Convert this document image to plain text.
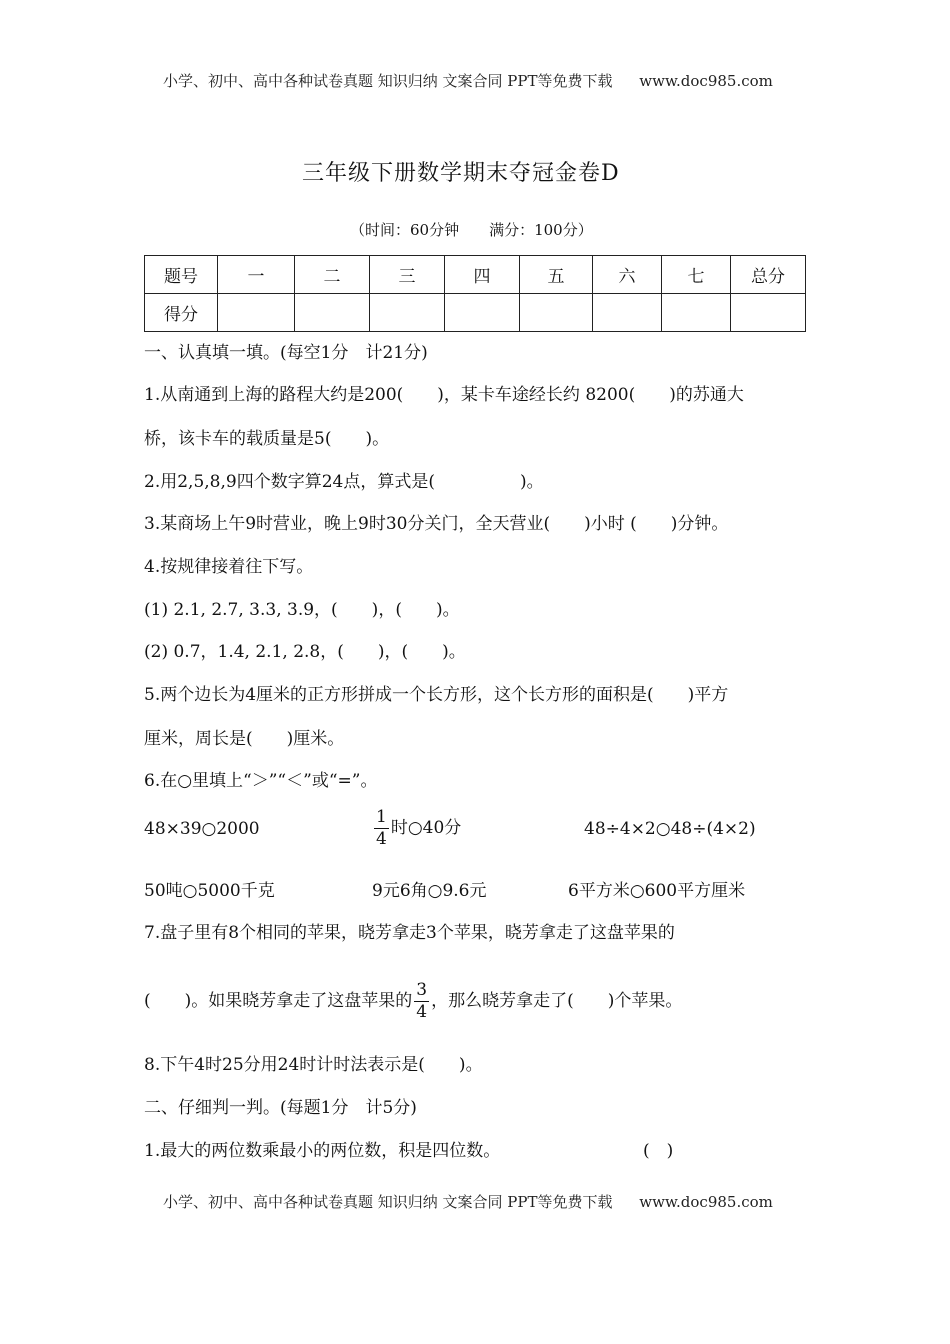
小学、初中、高中各种试卷真题 知识归纳 文案合同 PPT等免费下载 www.doc985.com
三年级下册数学期末夺冠金卷D
（时间：60分钟　　满分：100分）
题号	一	二	三	四	五	六	七	总分
得分								
一、认真填一填。(每空1分　计21分)
1.从南通到上海的路程大约是200(　　)，某卡车途经长约 8200(　　)的苏通大
桥，该卡车的载质量是5(　　)。
2.用2,5,8,9四个数字算24点，算式是(　　　　　)。
3.某商场上午9时营业，晚上9时30分关门，全天营业(　　)小时 (　　)分钟。
4.按规律接着往下写。
(1) 2.1, 2.7, 3.3, 3.9，(　　)，(　　)。
(2) 0.7，1.4, 2.1, 2.8，(　　)，(　　)。
5.两个边长为4厘米的正方形拼成一个长方形，这个长方形的面积是(　　)平方
厘米，周长是(　　)厘米。
6.在○里填上“＞”“＜”或“=”。
48×39○2000	$\frac{1}{4}$ 时○40分	48÷4×2○48÷(4×2)
50吨○5000千克	9元6角○9.6元	6平方米○600平方厘米
7.盘子里有8个相同的苹果，晓芳拿走3个苹果，晓芳拿走了这盘苹果的
(　　)。如果晓芳拿走了这盘苹果的 $\frac{3}{4}$ ，那么晓芳拿走了(　　)个苹果。
8.下午4时25分用24时计时法表示是(　　)。
二、仔细判一判。(每题1分　计5分)
1.最大的两位数乘最小的两位数，积是四位数。	(　)
小学、初中、高中各种试卷真题 知识归纳 文案合同 PPT等免费下载 www.doc985.com
